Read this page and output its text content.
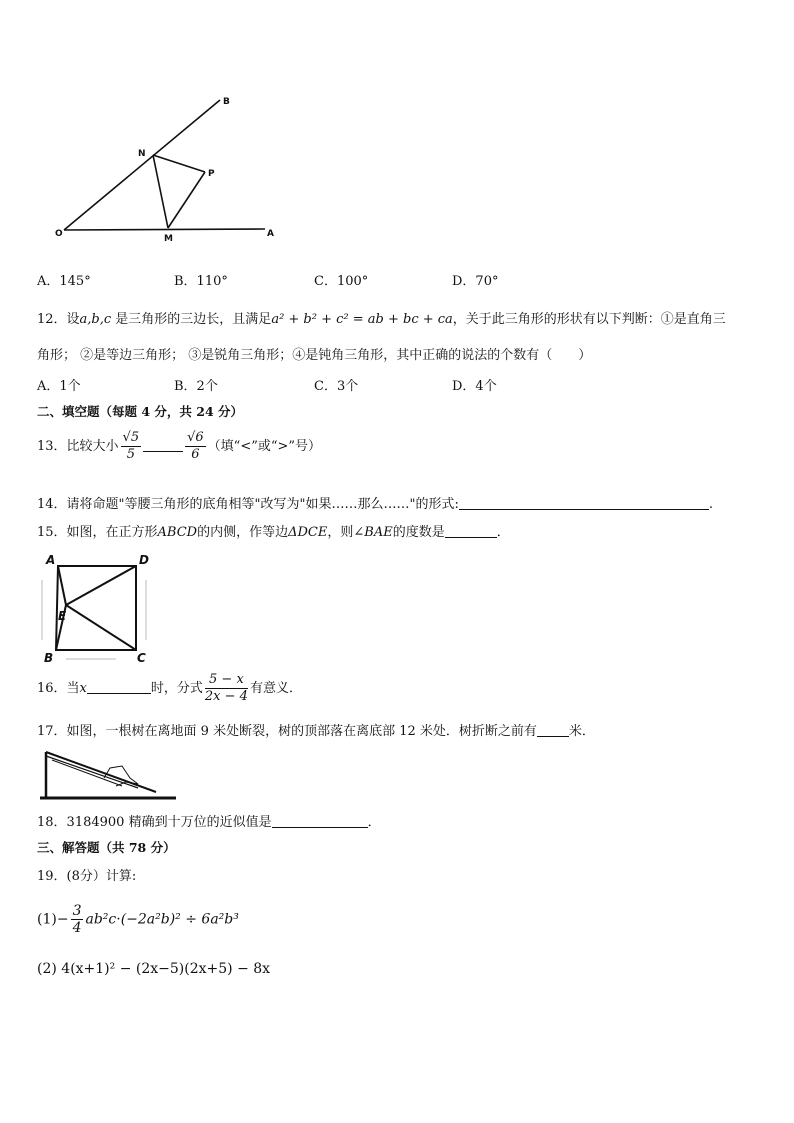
B
N
P
O	M	A
A．145°	B．110°	C．100°	D．70°
12．设a,b,c 是三角形的三边长，且满足a² + b² + c² = ab + bc + ca，关于此三角形的形状有以下判断：①是直角三
角形； ②是等边三角形； ③是锐角三角形；④是钝角三角形，其中正确的说法的个数有（　　）
A．1个	B．2个	C．3个	D．4个
二、填空题（每题 4 分，共 24 分）
13．比较大小 $\frac{√5}{5}$	$\frac{√6}{6}$ （填“<”或“>”号）
14．请将命题"等腰三角形的底角相等"改写为"如果……那么……"的形式:	.
15．如图，在正方形ABCD的内侧，作等边ΔDCE，则∠BAE的度数是	．
A	D
E
B	C
16．当x	时，分式 $\frac{5 - x}{2x - 4}$ 有意义．
17．如图，一根树在离地面 9 米处断裂，树的顶部落在离底部 12 米处．树折断之前有 米．
18．3184900 精确到十万位的近似值是	．
三、解答题（共 78 分）
19．(8分）计算:
$(1)- \frac{3}{4} ab^2c\cdot(-2a^2b)^2 \div 6a^2b^3$
(2) 4(x+1)² − (2x−5)(2x+5) − 8x
